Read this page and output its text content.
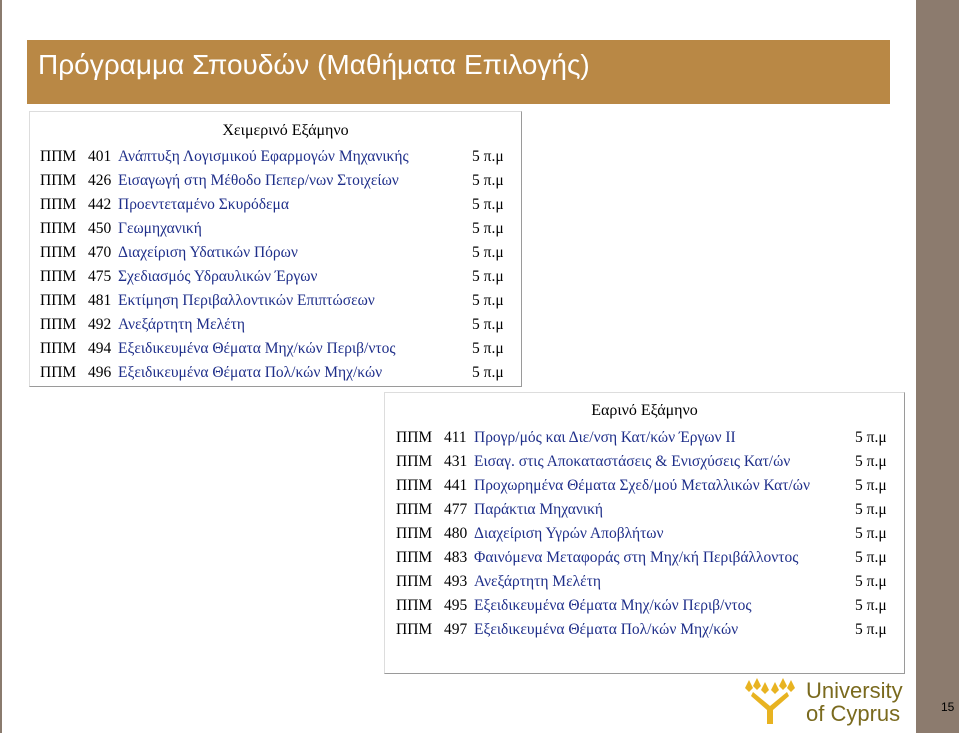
Πρόγραμμα Σπουδών (Μαθήματα Επιλογής)
Χειμερινό Εξάμηνο
ΠΠΜ 401 Ανάπτυξη Λογισμικού Εφαρμογών Μηχανικής	5 π.μ
ΠΠΜ 426 Εισαγωγή στη Μέθοδο Πεπερ/νων Στοιχείων	5 π.μ
ΠΠΜ 442 Προεντεταμένο Σκυρόδεμα	5 π.μ
ΠΠΜ 450 Γεωμηχανική	5 π.μ
ΠΠΜ 470 Διαχείριση Υδατικών Πόρων	5 π.μ
ΠΠΜ 475 Σχεδιασμός Υδραυλικών Έργων	5 π.μ
ΠΠΜ 481 Εκτίμηση Περιβαλλοντικών Επιπτώσεων	5 π.μ
ΠΠΜ 492 Ανεξάρτητη Μελέτη	5 π.μ
ΠΠΜ 494 Εξειδικευμένα Θέματα Μηχ/κών Περιβ/ντος	5 π.μ
ΠΠΜ 496 Εξειδικευμένα Θέματα Πολ/κών Μηχ/κών	5 π.μ
Εαρινό Εξάμηνο
ΠΠΜ 411 Προγρ/μός και Διε/νση Κατ/κών Έργων ΙΙ	5 π.μ
ΠΠΜ 431 Εισαγ. στις Αποκαταστάσεις & Ενισχύσεις Κατ/ών	5 π.μ
ΠΠΜ 441 Προχωρημένα Θέματα Σχεδ/μού Μεταλλικών Κατ/ών	5 π.μ
ΠΠΜ 477 Παράκτια Μηχανική	5 π.μ
ΠΠΜ 480 Διαχείριση Υγρών Αποβλήτων	5 π.μ
ΠΠΜ 483 Φαινόμενα Μεταφοράς στη Μηχ/κή Περιβάλλοντος	5 π.μ
ΠΠΜ 493 Ανεξάρτητη Μελέτη	5 π.μ
ΠΠΜ 495 Εξειδικευμένα Θέματα Μηχ/κών Περιβ/ντος	5 π.μ
ΠΠΜ 497 Εξειδικευμένα Θέματα Πολ/κών Μηχ/κών	5 π.μ
University
of Cyprus	15
